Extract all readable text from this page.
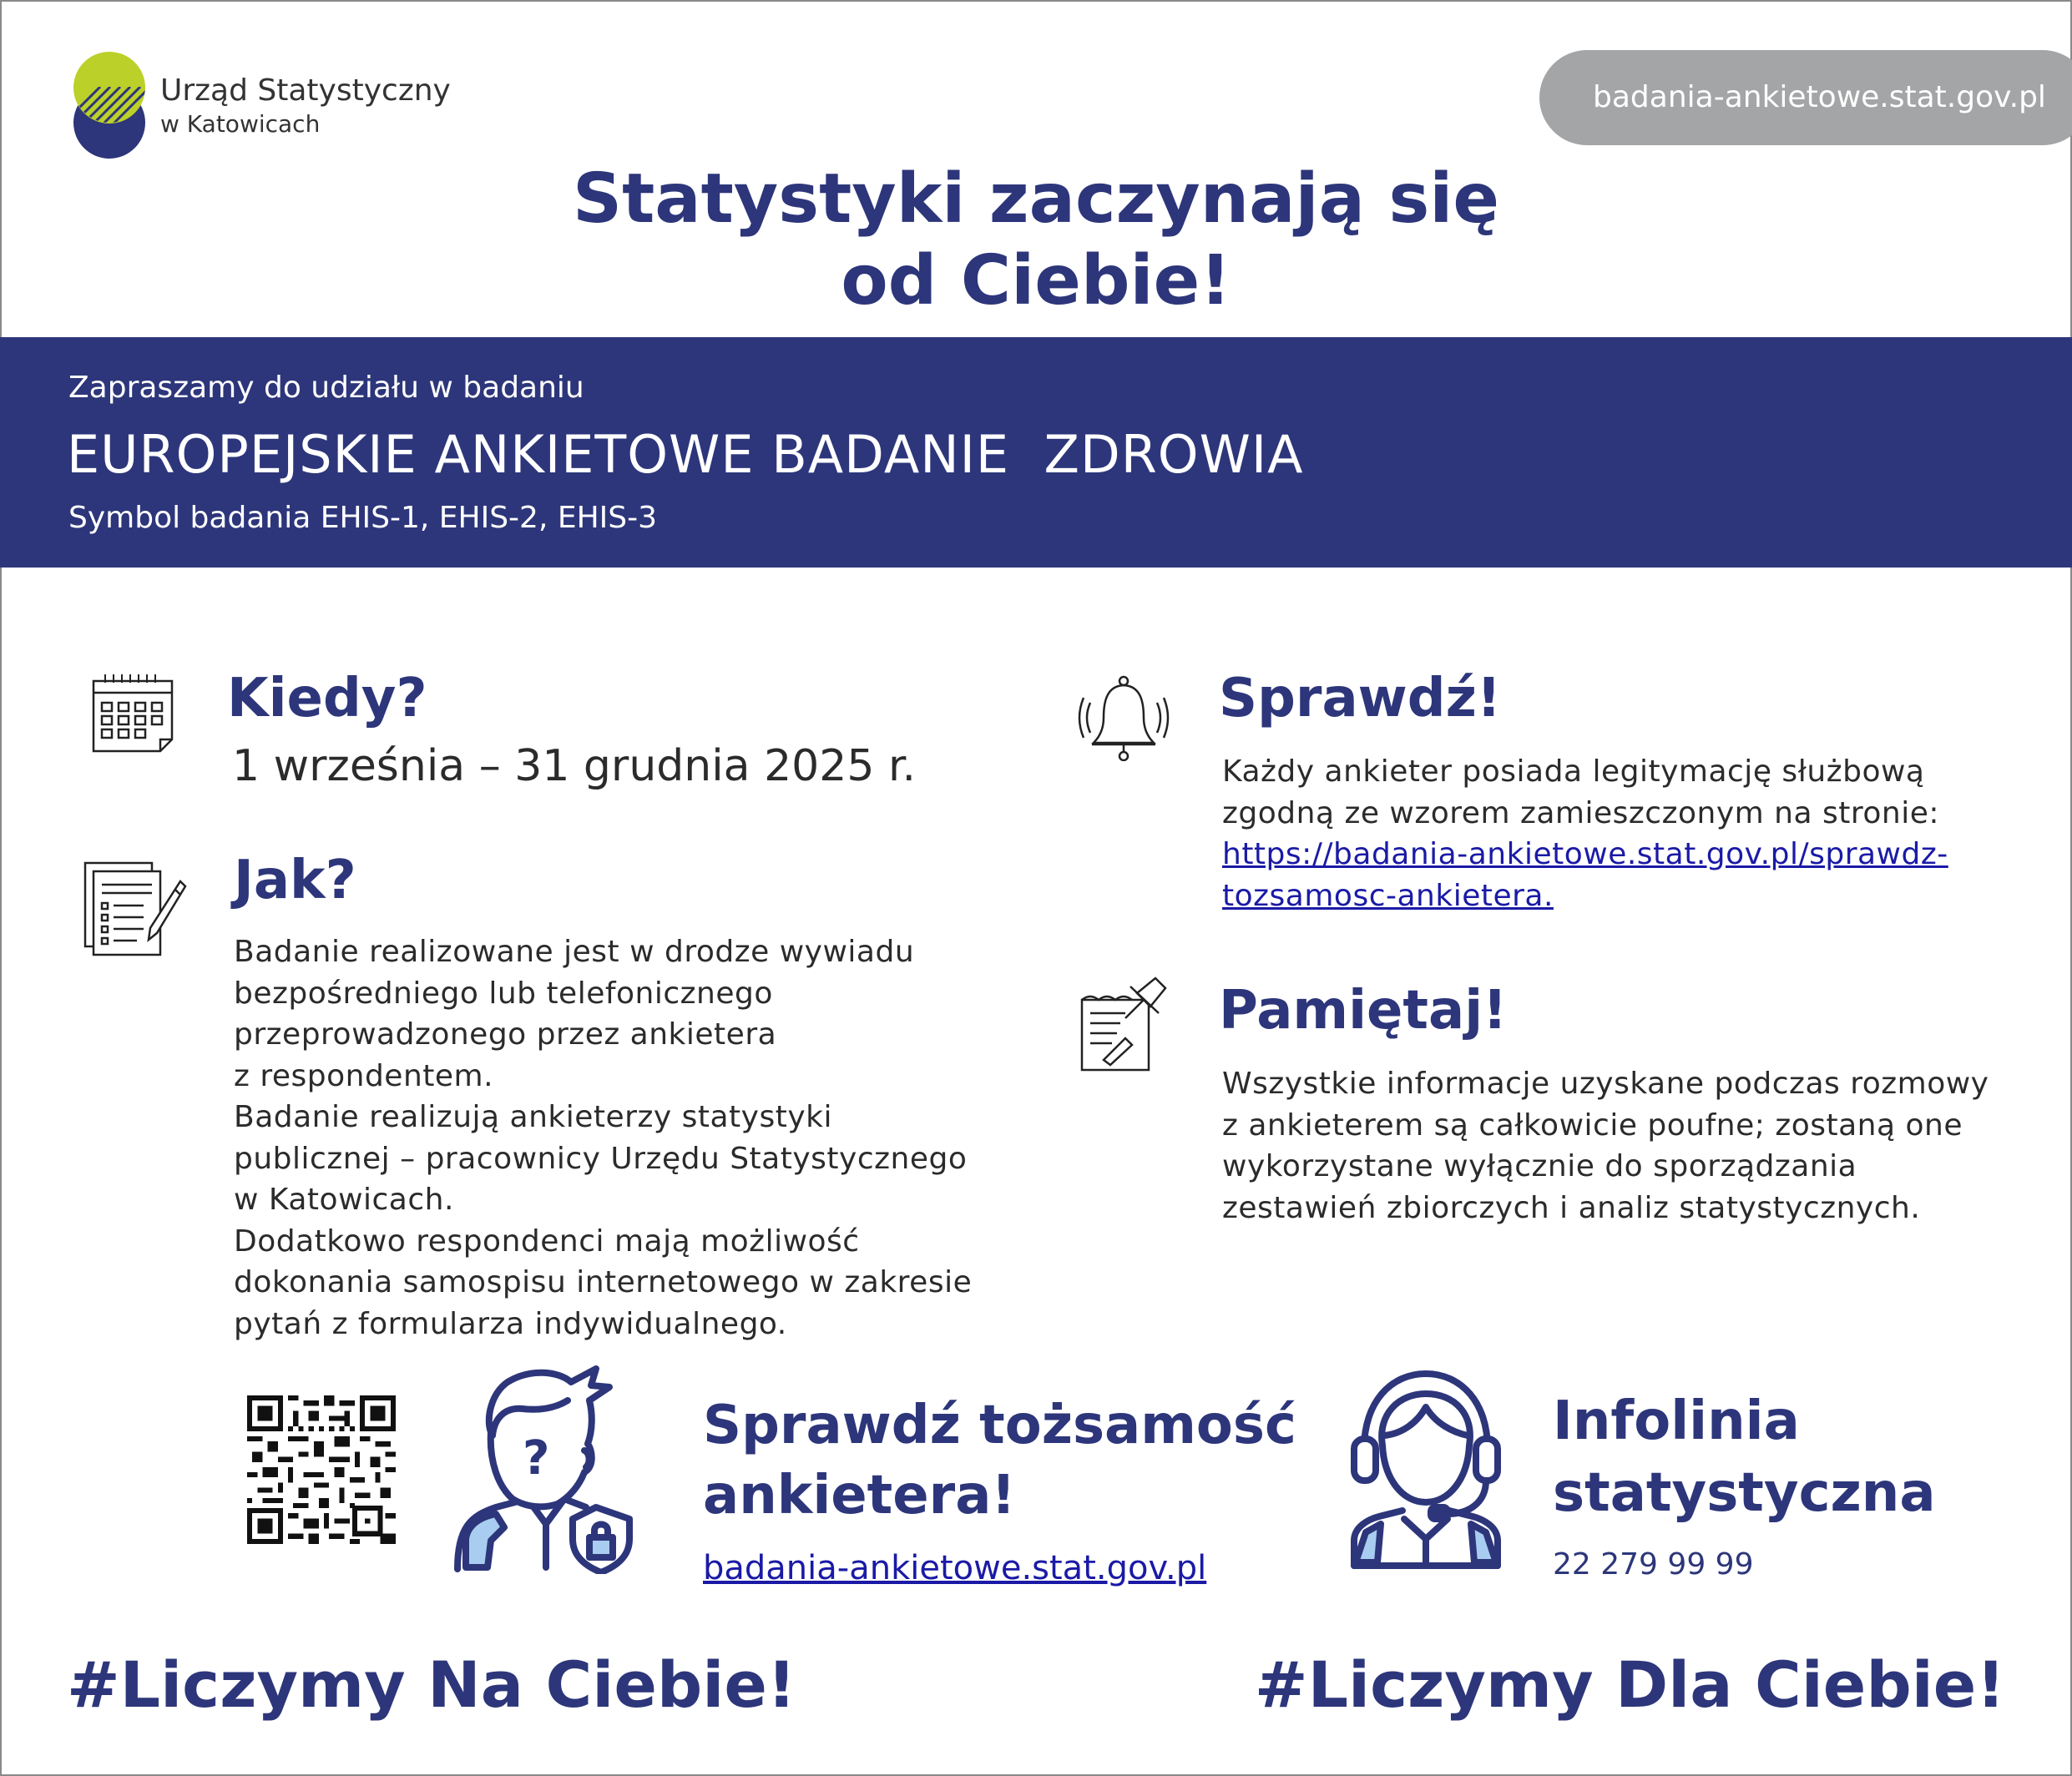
Urząd Statystyczny
w Katowicach
badania-ankietowe.stat.gov.pl
Statystyki zaczynają się
od Ciebie!
Zapraszamy do udziału w badaniu
EUROPEJSKIE ANKIETOWE BADANIE  ZDROWIA
Symbol badania EHIS-1, EHIS-2, EHIS-3
Kiedy?
1 września – 31 grudnia 2025 r.
Jak?
Badanie realizowane jest w drodze wywiadu
bezpośredniego lub telefonicznego
przeprowadzonego przez ankietera
z respondentem.
Badanie realizują ankieterzy statystyki
publicznej – pracownicy Urzędu Statystycznego
w Katowicach.
Dodatkowo respondenci mają możliwość
dokonania samospisu internetowego w zakresie
pytań z formularza indywidualnego.
Sprawdź!
Każdy ankieter posiada legitymację służbową
zgodną ze wzorem zamieszczonym na stronie:
https://badania-ankietowe.stat.gov.pl/sprawdz-
tozsamosc-ankietera.
Pamiętaj!
Wszystkie informacje uzyskane podczas rozmowy
z ankieterem są całkowicie poufne; zostaną one
wykorzystane wyłącznie do sporządzania
zestawień zbiorczych i analiz statystycznych.
?
Sprawdź tożsamość
ankietera!
badania-ankietowe.stat.gov.pl
Infolinia
statystyczna
22 279 99 99
#Liczymy Na Ciebie!	#Liczymy Dla Ciebie!
